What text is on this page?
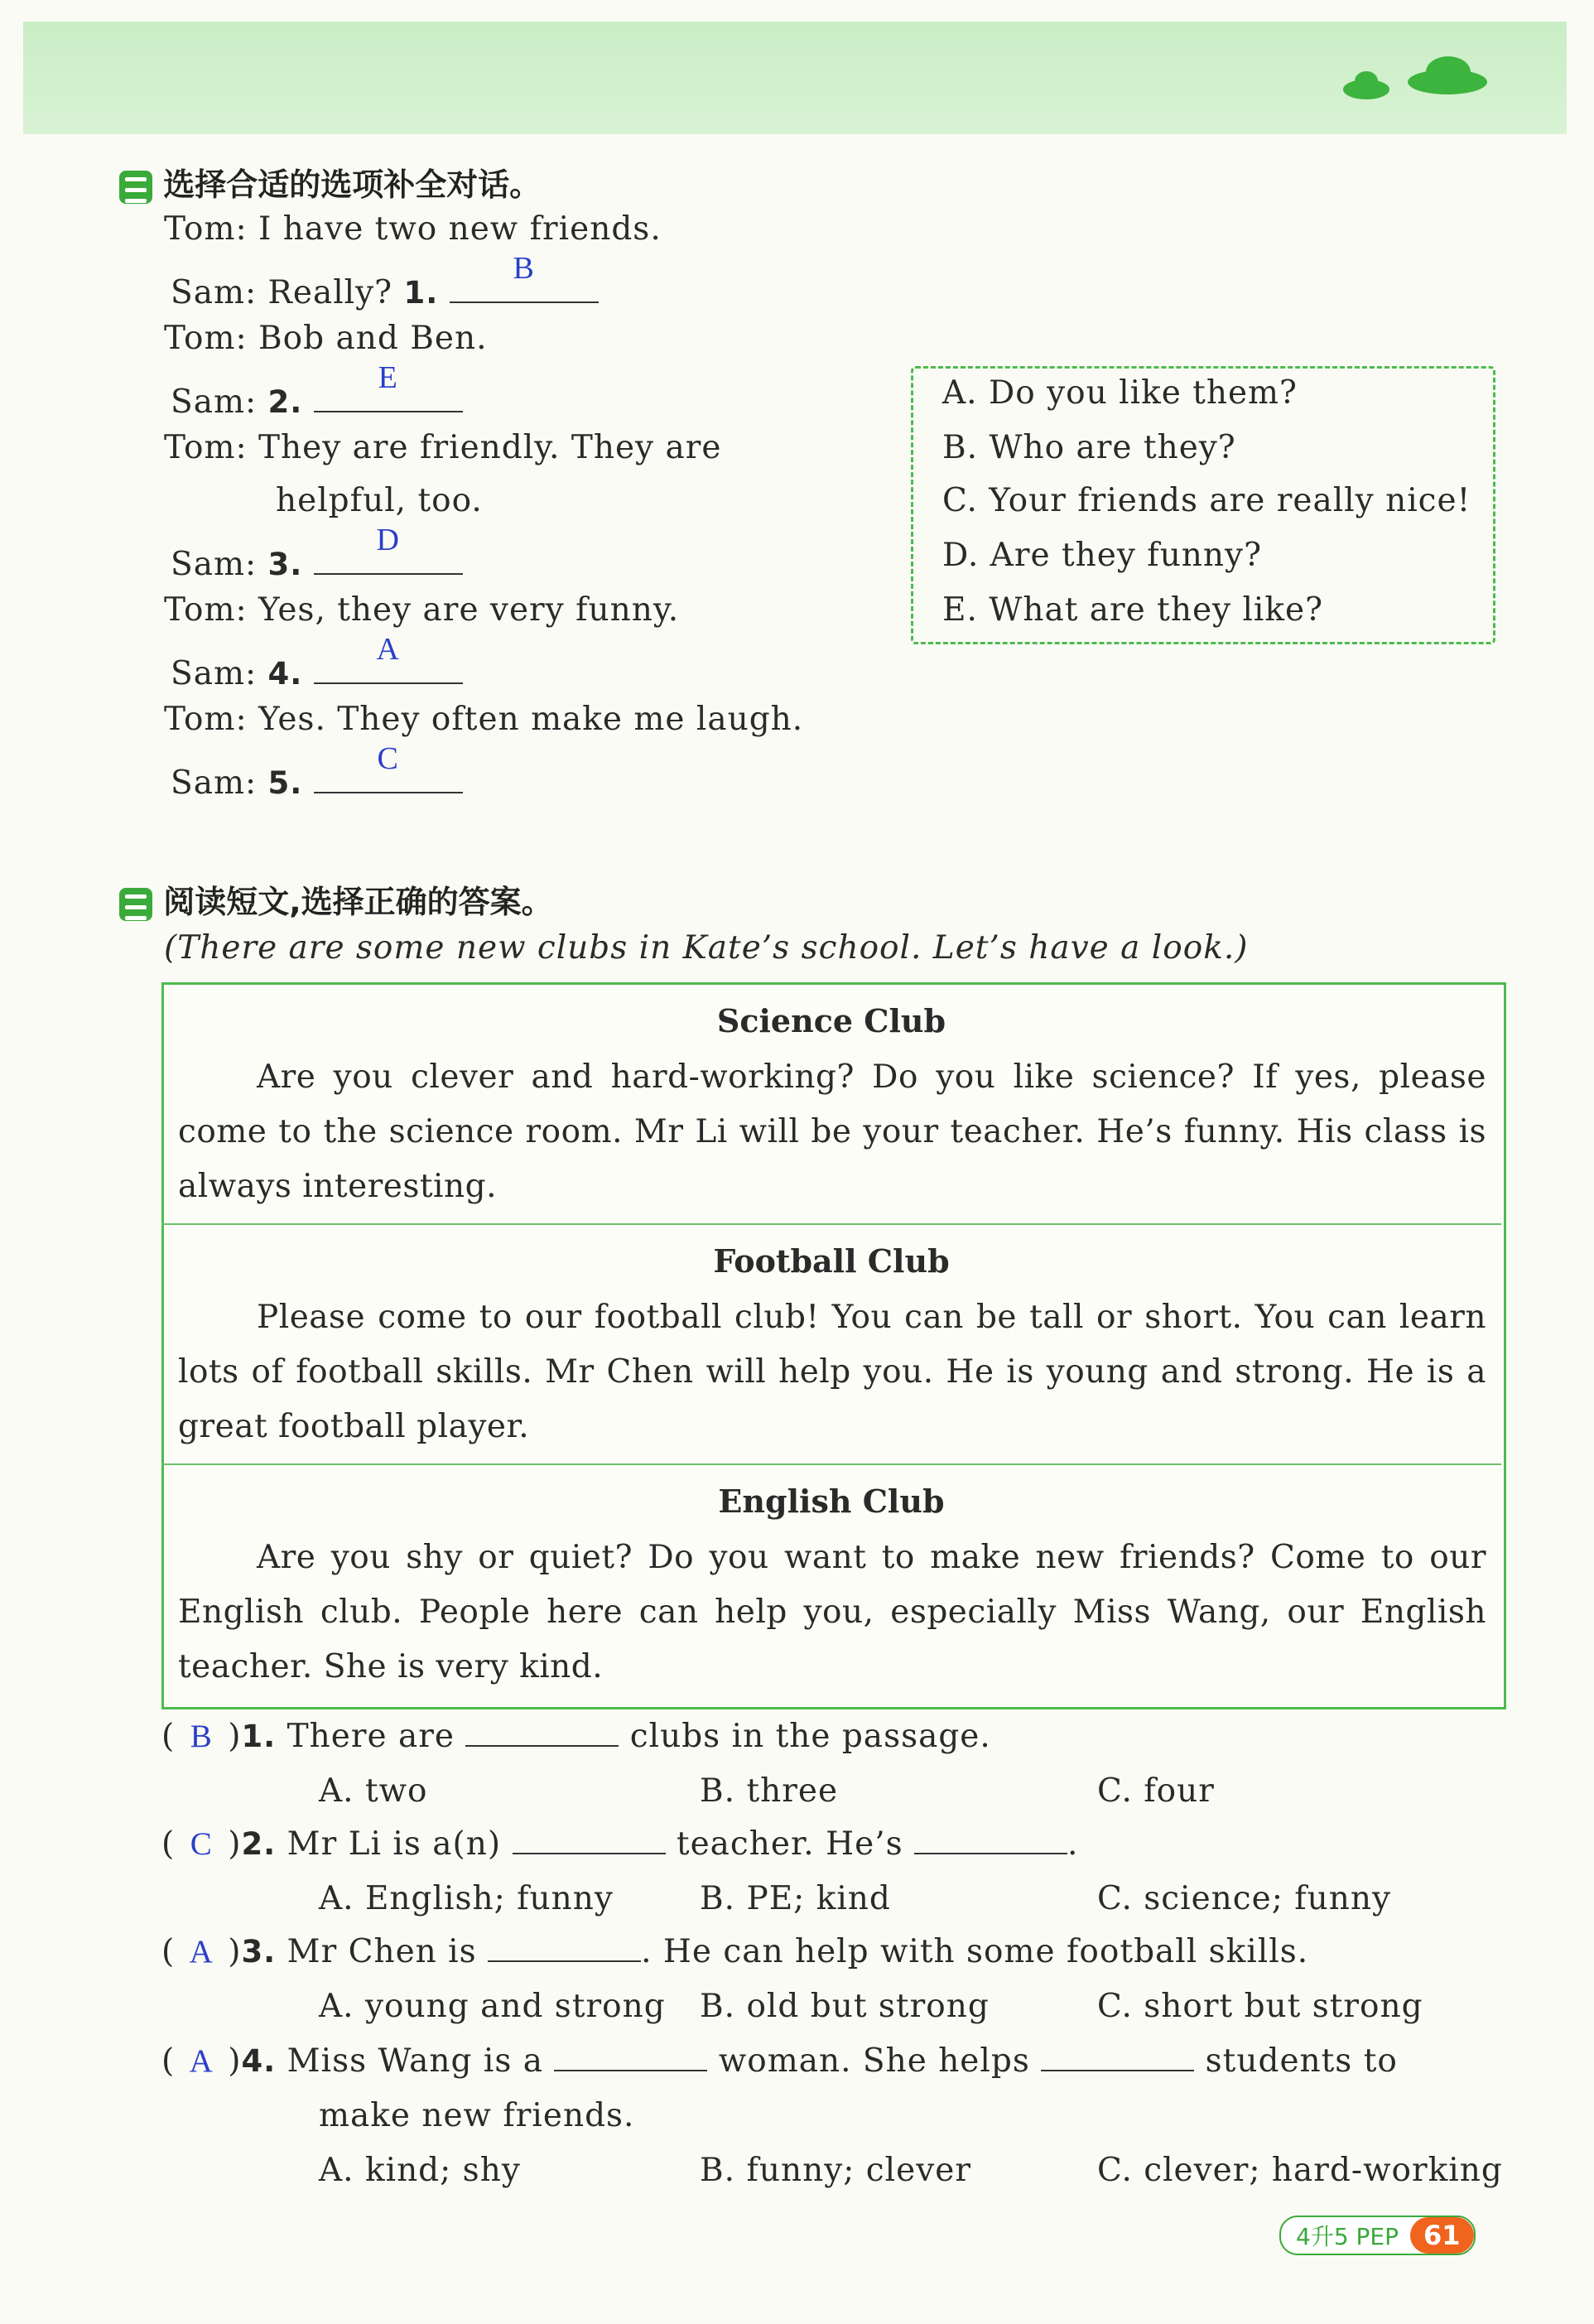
选择合适的选项补全对话。
Tom: I have two new friends.
Sam: Really? 1.
B
Tom: Bob and Ben.
Sam: 2.
E
Tom: They are friendly. They are
helpful, too.
Sam: 3.
D
Tom: Yes, they are very funny.
Sam: 4.
A
Tom: Yes. They often make me laugh.
Sam: 5.
C
A. Do you like them?
B. Who are they?
C. Your friends are really nice!
D. Are they funny?
E. What are they like?
阅读短文,选择正确的答案。
(There are some new clubs in Kate’s school. Let’s have a look.)
Science Club

Are you clever and hard-working? Do you like science? If yes, please come to the science room. Mr Li will be your teacher. He’s funny. His class is always interesting.

Football Club

Please come to our football club! You can be tall or short. You can learn lots of football skills. Mr Chen will help you. He is young and strong. He is a great football player.

English Club

Are you shy or quiet? Do you want to make new friends? Come to our English club. People here can help you, especially Miss Wang, our English teacher. She is very kind.

( B )1. There are	clubs in the passage.
A. two	B. three	C. four
( C )2. Mr Li is a(n)	teacher. He’s	.
A. English; funny	B. PE; kind	C. science; funny
( A )3. Mr Chen is	. He can help with some football skills.
A. young and strong B. old but strong	C. short but strong
( A )4. Miss Wang is a	woman. She helps	students to
make new friends.
A. kind; shy	B. funny; clever	C. clever; hard-working
4升5 PEP 61
